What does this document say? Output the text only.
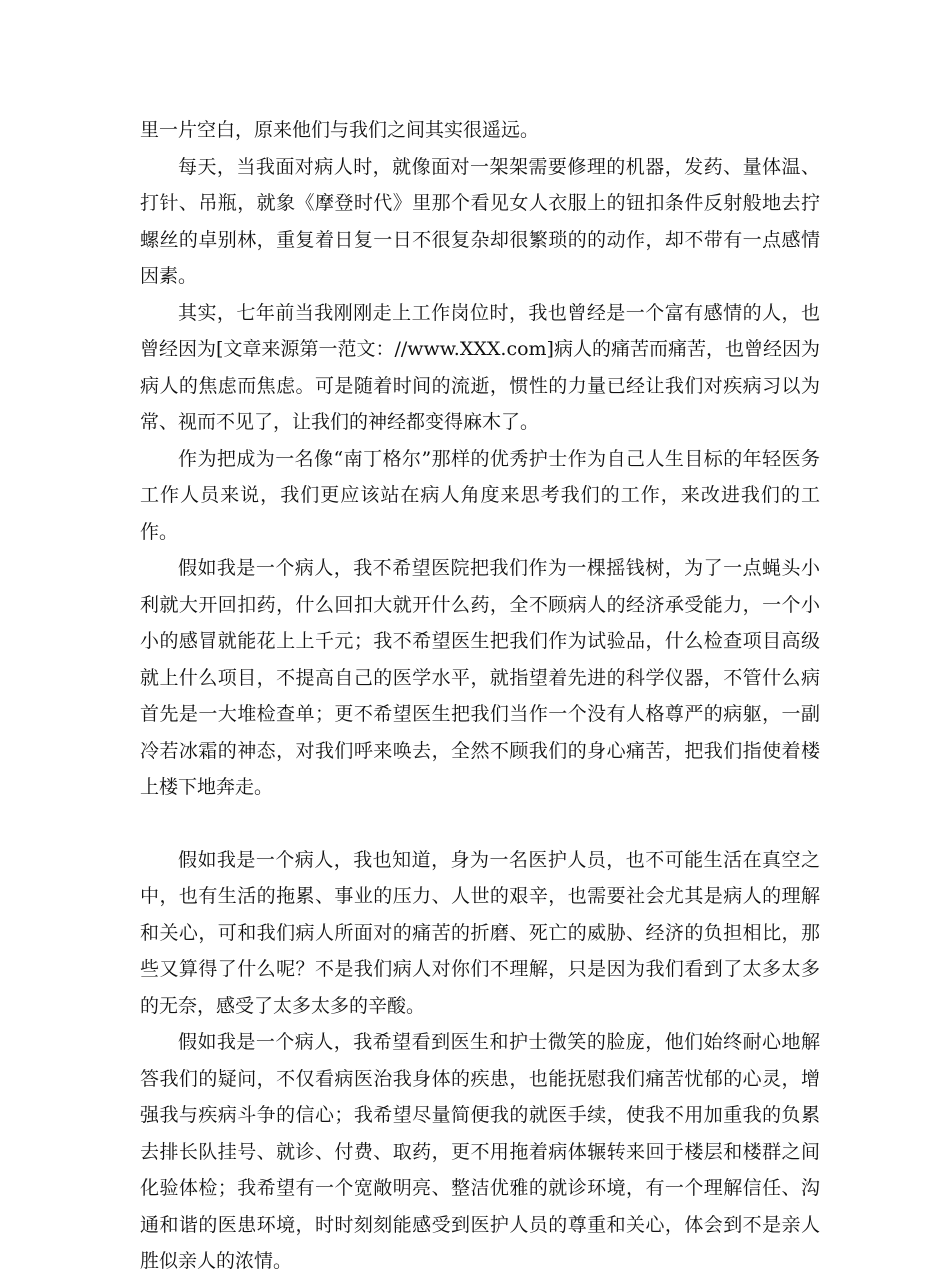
里一片空白，原来他们与我们之间其实很遥远。

每天，当我面对病人时，就像面对一架架需要修理的机器，发药、量体温、打针、吊瓶，就象《摩登时代》里那个看见女人衣服上的钮扣条件反射般地去拧螺丝的卓别林，重复着日复一日不很复杂却很繁琐的的动作，却不带有一点感情因素。

其实，七年前当我刚刚走上工作岗位时，我也曾经是一个富有感情的人，也曾经因为[文章来源第一范文：//www.XXX.com]病人的痛苦而痛苦，也曾经因为病人的焦虑而焦虑。可是随着时间的流逝，惯性的力量已经让我们对疾病习以为常、视而不见了，让我们的神经都变得麻木了。

作为把成为一名像“南丁格尔”那样的优秀护士作为自己人生目标的年轻医务工作人员来说，我们更应该站在病人角度来思考我们的工作，来改进我们的工作。

假如我是一个病人，我不希望医院把我们作为一棵摇钱树，为了一点蝇头小利就大开回扣药，什么回扣大就开什么药，全不顾病人的经济承受能力，一个小小的感冒就能花上上千元；我不希望医生把我们作为试验品，什么检查项目高级就上什么项目，不提高自己的医学水平，就指望着先进的科学仪器，不管什么病首先是一大堆检查单；更不希望医生把我们当作一个没有人格尊严的病躯，一副冷若冰霜的神态，对我们呼来唤去，全然不顾我们的身心痛苦，把我们指使着楼上楼下地奔走。

假如我是一个病人，我也知道，身为一名医护人员，也不可能生活在真空之中，也有生活的拖累、事业的压力、人世的艰辛，也需要社会尤其是病人的理解和关心，可和我们病人所面对的痛苦的折磨、死亡的威胁、经济的负担相比，那些又算得了什么呢？不是我们病人对你们不理解，只是因为我们看到了太多太多的无奈，感受了太多太多的辛酸。

假如我是一个病人，我希望看到医生和护士微笑的脸庞，他们始终耐心地解答我们的疑问，不仅看病医治我身体的疾患，也能抚慰我们痛苦忧郁的心灵，增强我与疾病斗争的信心；我希望尽量简便我的就医手续，使我不用加重我的负累去排长队挂号、就诊、付费、取药，更不用拖着病体辗转来回于楼层和楼群之间化验体检；我希望有一个宽敞明亮、整洁优雅的就诊环境，有一个理解信任、沟通和谐的医患环境，时时刻刻能感受到医护人员的尊重和关心，体会到不是亲人胜似亲人的浓情。
